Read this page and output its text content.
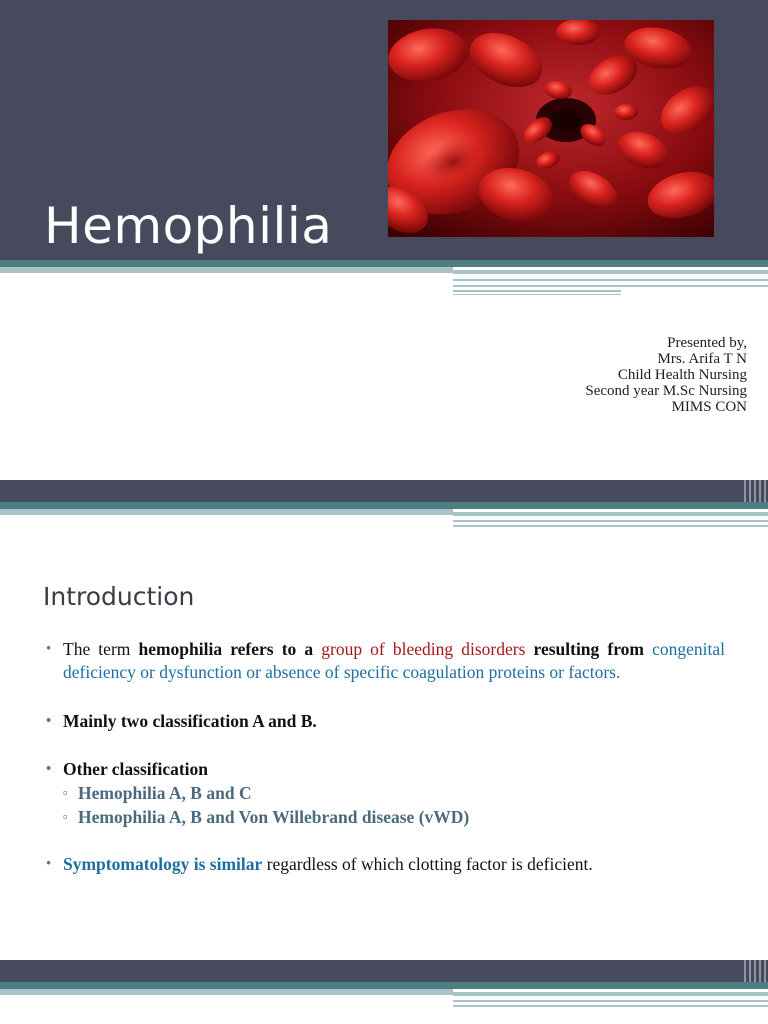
Hemophilia
Presented by,
Mrs. Arifa T N
Child Health Nursing
Second year M.Sc Nursing
MIMS CON
Introduction
• The term hemophilia refers to a group of bleeding disorders resulting from congenital deficiency or dysfunction or absence of specific coagulation proteins or factors.
• Mainly two classification A and B.
• Other classification
▫ Hemophilia A, B and C
▫ Hemophilia A, B and Von Willebrand disease (vWD)
• Symptomatology is similar regardless of which clotting factor is deficient.
